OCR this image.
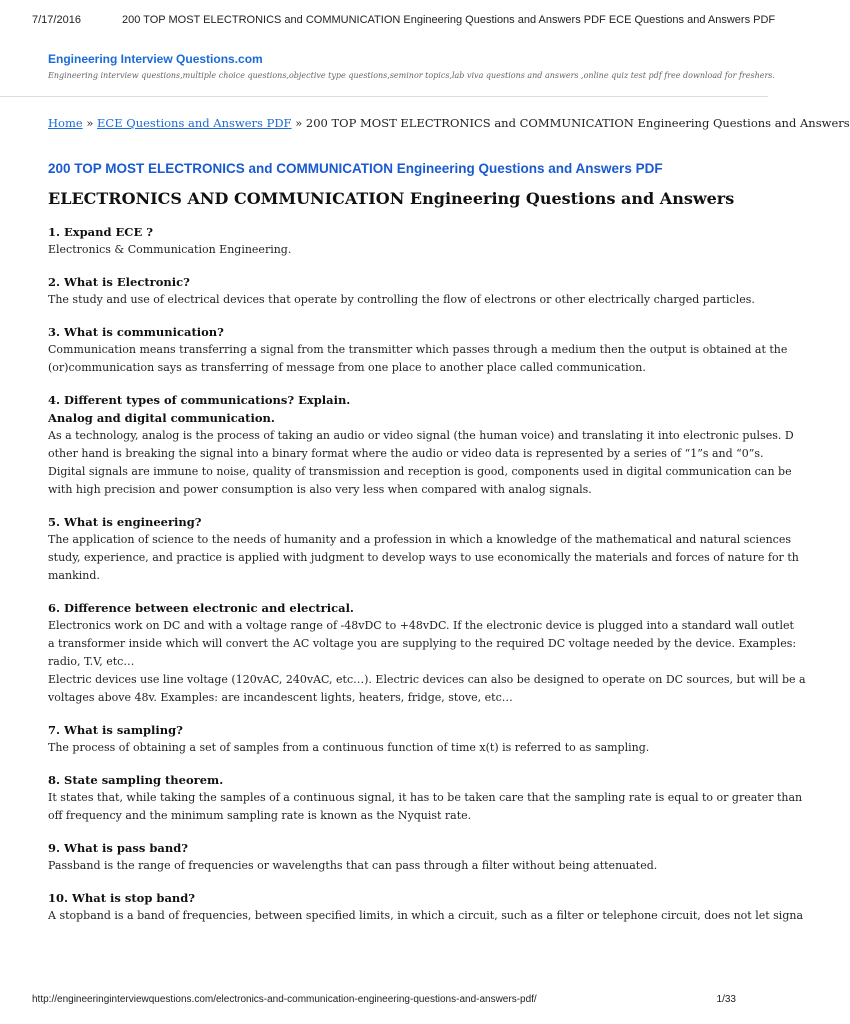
7/17/2016	200 TOP MOST ELECTRONICS and COMMUNICATION Engineering Questions and Answers PDF ECE Questions and Answers PDF
Engineering Interview Questions.com
Engineering interview questions,multiple choice questions,objective type questions,seminor topics,lab viva questions and answers ,online quiz test pdf free download for freshers.
Home » ECE Questions and Answers PDF » 200 TOP MOST ELECTRONICS and COMMUNICATION Engineering Questions and Answers
200 TOP MOST ELECTRONICS and COMMUNICATION Engineering Questions and Answers PDF
ELECTRONICS AND COMMUNICATION Engineering Questions and Answers
1. Expand ECE ?
Electronics & Communication Engineering.
2. What is Electronic?
The study and use of electrical devices that operate by controlling the flow of electrons or other electrically charged particles.
3. What is communication?
Communication means transferring a signal from the transmitter which passes through a medium then the output is obtained at the
(or)communication says as transferring of message from one place to another place called communication.
4. Different types of communications? Explain.
Analog and digital communication.
As a technology, analog is the process of taking an audio or video signal (the human voice) and translating it into electronic pulses. D
other hand is breaking the signal into a binary format where the audio or video data is represented by a series of “1”s and “0”s.
Digital signals are immune to noise, quality of transmission and reception is good, components used in digital communication can be
with high precision and power consumption is also very less when compared with analog signals.
5. What is engineering?
The application of science to the needs of humanity and a profession in which a knowledge of the mathematical and natural sciences
study, experience, and practice is applied with judgment to develop ways to use economically the materials and forces of nature for th
mankind.
6. Difference between electronic and electrical.
Electronics work on DC and with a voltage range of -48vDC to +48vDC. If the electronic device is plugged into a standard wall outlet
a transformer inside which will convert the AC voltage you are supplying to the required DC voltage needed by the device. Examples:
radio, T.V, etc…
Electric devices use line voltage (120vAC, 240vAC, etc…). Electric devices can also be designed to operate on DC sources, but will be a
voltages above 48v. Examples: are incandescent lights, heaters, fridge, stove, etc…
7. What is sampling?
The process of obtaining a set of samples from a continuous function of time x(t) is referred to as sampling.
8. State sampling theorem.
It states that, while taking the samples of a continuous signal, it has to be taken care that the sampling rate is equal to or greater than
off frequency and the minimum sampling rate is known as the Nyquist rate.
9. What is pass band?
Passband is the range of frequencies or wavelengths that can pass through a filter without being attenuated.
10. What is stop band?
A stopband is a band of frequencies, between specified limits, in which a circuit, such as a filter or telephone circuit, does not let signa
http://engineeringinterviewquestions.com/electronics-and-communication-engineering-questions-and-answers-pdf/	1/33
